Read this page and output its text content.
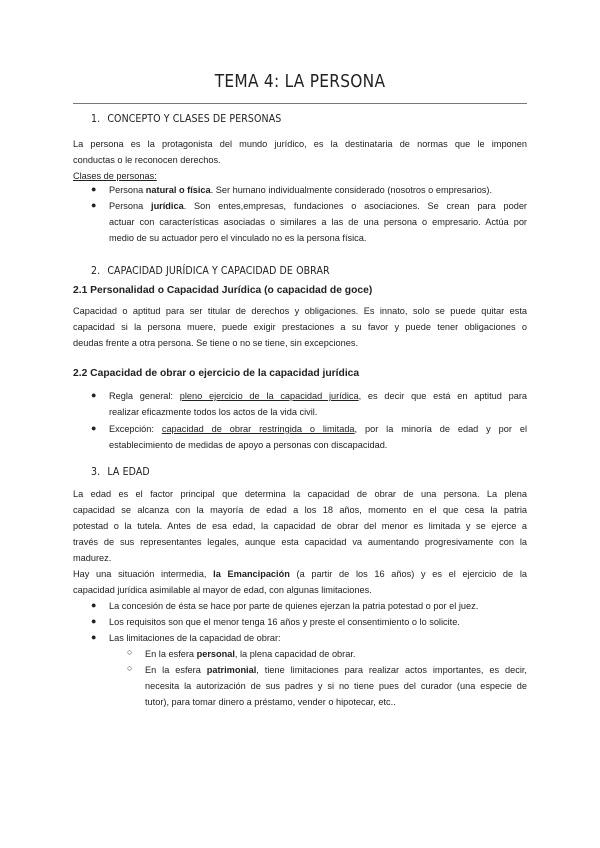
TEMA 4: LA PERSONA
1. CONCEPTO Y CLASES DE PERSONAS
La persona es la protagonista del mundo jurídico, es la destinataria de normas que le imponen
conductas o le reconocen derechos.
Clases de personas:
● Persona natural o física. Ser humano individualmente considerado (nosotros o empresarios).
● Persona jurídica. Son entes,empresas, fundaciones o asociaciones. Se crean para poder
actuar con características asociadas o similares a las de una persona o empresario. Actúa por
medio de su actuador pero el vinculado no es la persona física.
2. CAPACIDAD JURÍDICA Y CAPACIDAD DE OBRAR
2.1 Personalidad o Capacidad Jurídica (o capacidad de goce)
Capacidad o aptitud para ser titular de derechos y obligaciones. Es innato, solo se puede quitar esta
capacidad si la persona muere, puede exigir prestaciones a su favor y puede tener obligaciones o
deudas frente a otra persona. Se tiene o no se tiene, sin excepciones.
2.2 Capacidad de obrar o ejercicio de la capacidad jurídica
● Regla general: pleno ejercicio de la capacidad jurídica, es decir que está en aptitud para
realizar eficazmente todos los actos de la vida civil.
● Excepción: capacidad de obrar restringida o limitada, por la minoría de edad y por el
establecimiento de medidas de apoyo a personas con discapacidad.
3. LA EDAD
La edad es el factor principal que determina la capacidad de obrar de una persona. La plena
capacidad se alcanza con la mayoría de edad a los 18 años, momento en el que cesa la patria
potestad o la tutela. Antes de esa edad, la capacidad de obrar del menor es limitada y se ejerce a
través de sus representantes legales, aunque esta capacidad va aumentando progresivamente con la
madurez.
Hay una situación intermedia, la Emancipación (a partir de los 16 años) y es el ejercicio de la
capacidad jurídica asimilable al mayor de edad, con algunas limitaciones.
● La concesión de ésta se hace por parte de quienes ejerzan la patria potestad o por el juez.
● Los requisitos son que el menor tenga 16 años y preste el consentimiento o lo solicite.
● Las limitaciones de la capacidad de obrar:
○ En la esfera personal, la plena capacidad de obrar.
○ En la esfera patrimonial, tiene limitaciones para realizar actos importantes, es decir,
necesita la autorización de sus padres y si no tiene pues del curador (una especie de
tutor), para tomar dinero a préstamo, vender o hipotecar, etc..
